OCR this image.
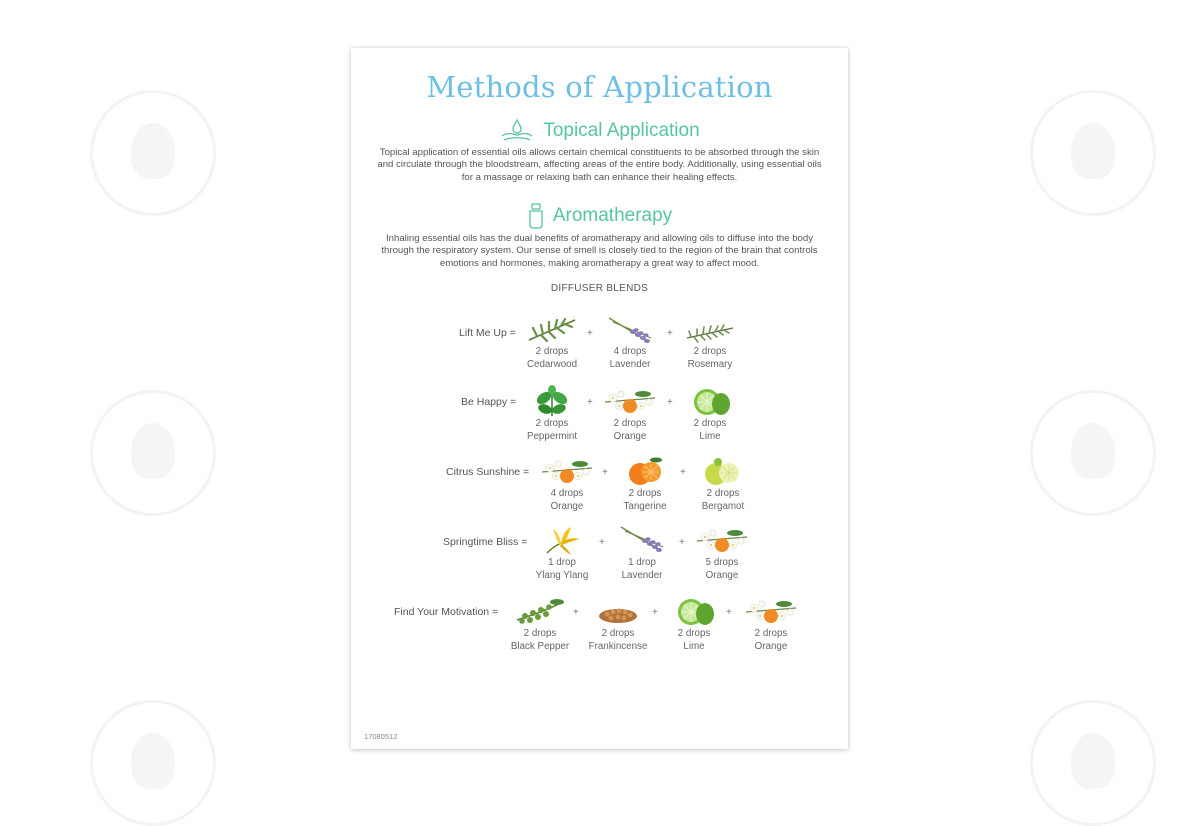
Methods of Application
Topical Application
Topical application of essential oils allows certain chemical constituents to be absorbed through the skin and circulate through the bloodstream, affecting areas of the entire body. Additionally, using essential oils for a massage or relaxing bath can enhance their healing effects.
Aromatherapy
Inhaling essential oils has the dual benefits of aromatherapy and allowing oils to diffuse into the body through the respiratory system. Our sense of smell is closely tied to the region of the brain that controls emotions and hormones, making aromatherapy a great way to affect mood.
DIFFUSER BLENDS
Lift Me Up =
2 drops
Cedarwood
+
4 drops
Lavender
+
2 drops
Rosemary
Be Happy =
2 drops
Peppermint
+
2 drops
Orange
+
2 drops
Lime
Citrus Sunshine =
4 drops
Orange
+
2 drops
Tangerine
+
2 drops
Bergamot
Springtime Bliss =
1 drop
Ylang Ylang
+
1 drop
Lavender
+
5 drops
Orange
Find Your Motivation =
2 drops
Black Pepper
+
2 drops
Frankincense
+
2 drops
Lime
+
2 drops
Orange
17080512
